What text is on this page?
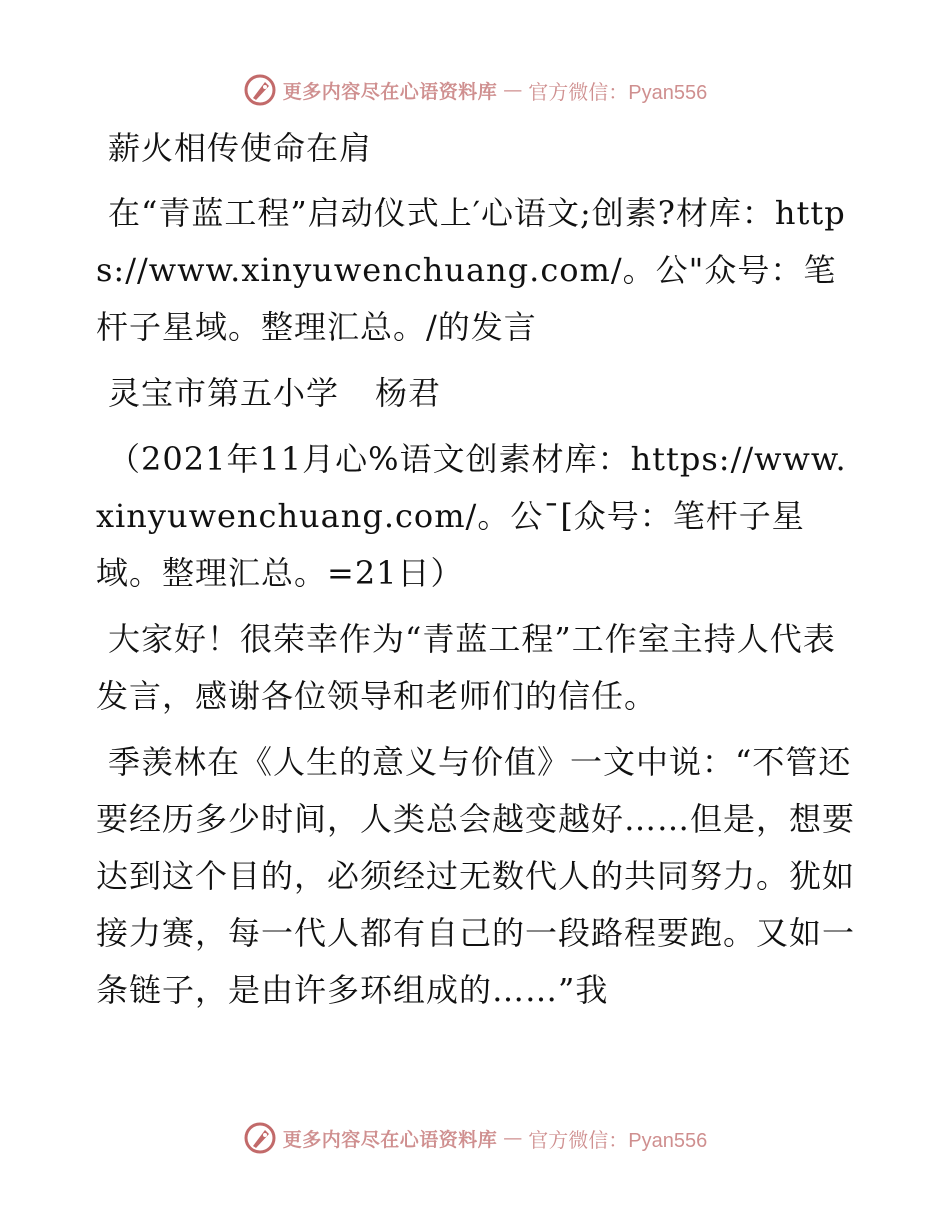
更多内容尽在心语资料库 — 官方微信：Pyan556

薪火相传使命在肩

在“青蓝工程”启动仪式上′心语文;创素?材库：https://www.xinyuwenchuang.com/。公"众号：笔杆子星域。整理汇总。/的发言

灵宝市第五小学 杨君

（2021年11月心%语文创素材库：https://www.xinyuwenchuang.com/。公¯[众号：笔杆子星域。整理汇总。=21日）

大家好！很荣幸作为“青蓝工程”工作室主持人代表发言，感谢各位领导和老师们的信任。

季羡林在《人生的意义与价值》一文中说：“不管还要经历多少时间，人类总会越变越好……但是，想要达到这个目的，必须经过无数代人的共同努力。犹如接力赛，每一代人都有自己的一段路程要跑。又如一条链子，是由许多环组成的……”我

更多内容尽在心语资料库 — 官方微信：Pyan556
